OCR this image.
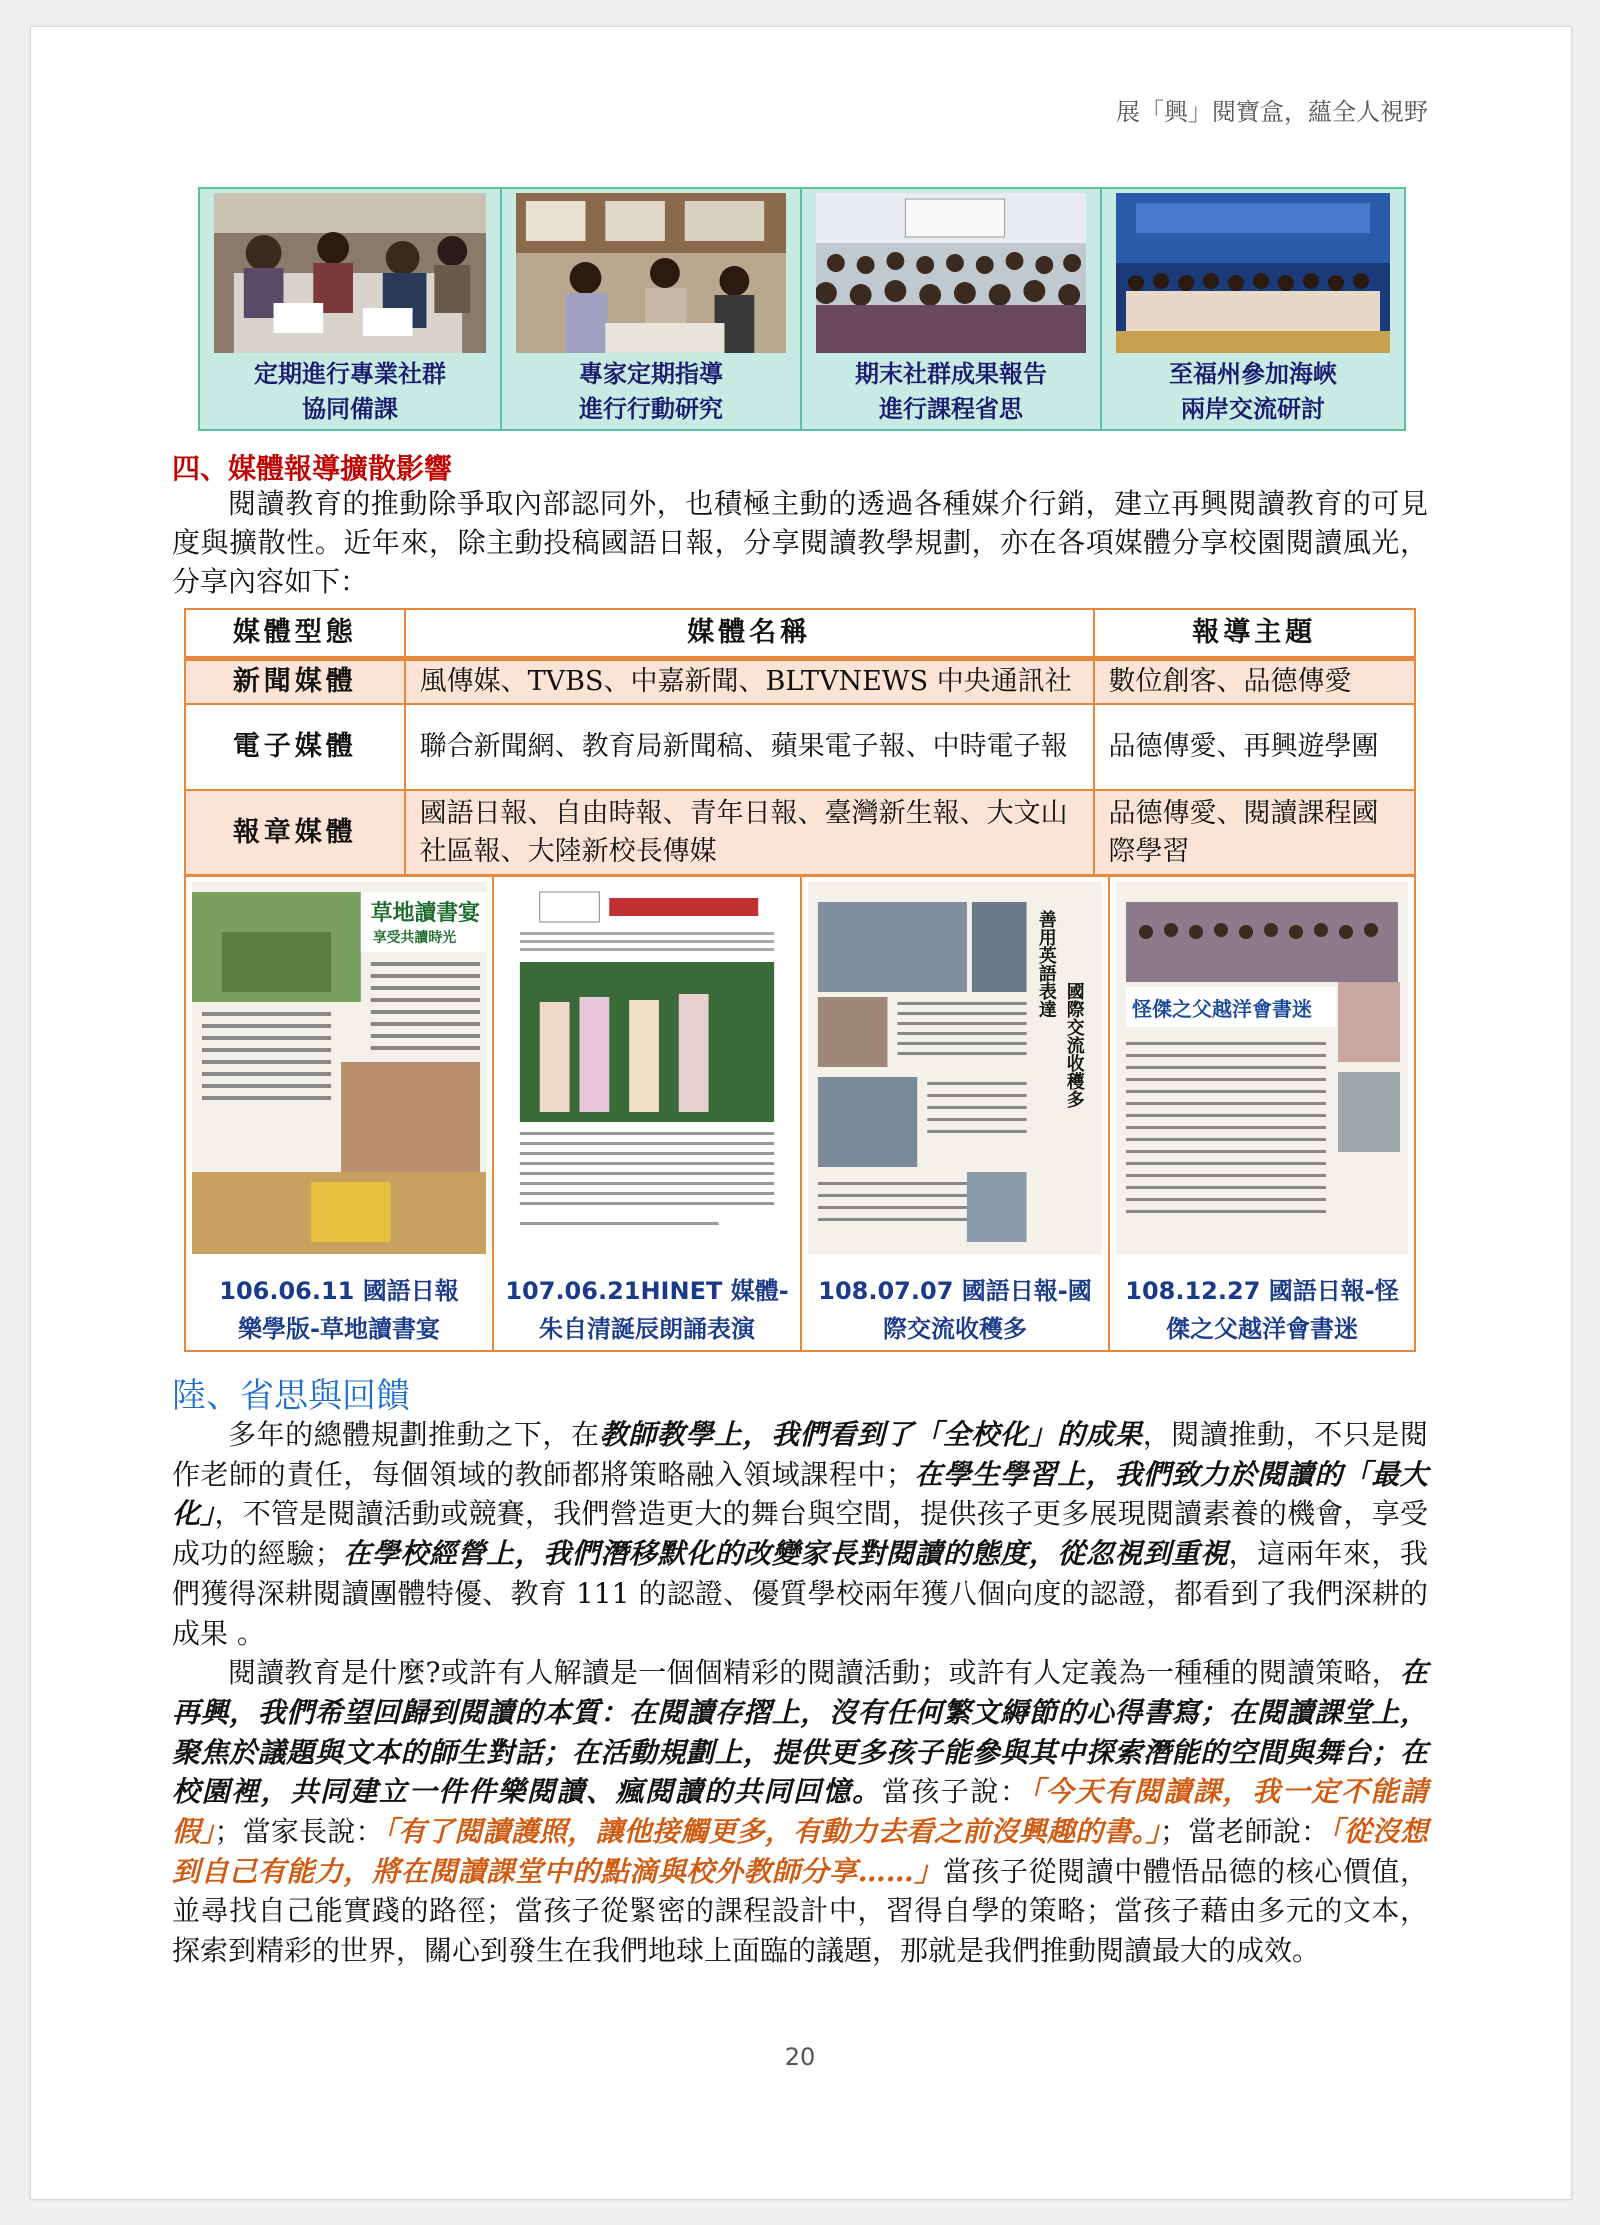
展「興」閱寶盒，蘊全人視野
定期進行專業社群
協同備課
專家定期指導
進行行動研究
期末社群成果報告
進行課程省思
至福州參加海峽
兩岸交流研討
四、媒體報導擴散影響

閱讀教育的推動除爭取內部認同外，也積極主動的透過各種媒介行銷，建立再興閱讀教育的可見度與擴散性。近年來，除主動投稿國語日報，分享閱讀教學規劃，亦在各項媒體分享校園閱讀風光，分享內容如下：

媒體型態	媒體名稱	報導主題
新聞媒體	風傳媒、TVBS、中嘉新聞、BLTVNEWS 中央通訊社	數位創客、品德傳愛
電子媒體	聯合新聞網、教育局新聞稿、蘋果電子報、中時電子報	品德傳愛、再興遊學團
報章媒體	國語日報、自由時報、青年日報、臺灣新生報、大文山社區報、大陸新校長傳媒	品德傳愛、閱讀課程國際學習
草地讀書宴
享受共讀時光
106.06.11 國語日報
樂學版-草地讀書宴
107.06.21HINET 媒體-
朱自清誕辰朗誦表演
善用英語表達
國際交流收穫多
108.07.07 國語日報-國
際交流收穫多
怪傑之父越洋會書迷
108.12.27 國語日報-怪
傑之父越洋會書迷
陸、省思與回饋

多年的總體規劃推動之下，在教師教學上，我們看到了「全校化」的成果，閱讀推動，不只是閱作老師的責任，每個領域的教師都將策略融入領域課程中；在學生學習上，我們致力於閱讀的「最大化」，不管是閱讀活動或競賽，我們營造更大的舞台與空間，提供孩子更多展現閱讀素養的機會，享受成功的經驗；在學校經營上，我們潛移默化的改變家長對閱讀的態度，從忽視到重視，這兩年來，我們獲得深耕閱讀團體特優、教育 111 的認證、優質學校兩年獲八個向度的認證，都看到了我們深耕的成果 。

閱讀教育是什麼?或許有人解讀是一個個精彩的閱讀活動；或許有人定義為一種種的閱讀策略，在再興，我們希望回歸到閱讀的本質：在閱讀存摺上，沒有任何繁文縟節的心得書寫；在閱讀課堂上，聚焦於議題與文本的師生對話；在活動規劃上，提供更多孩子能參與其中探索潛能的空間與舞台；在校園裡，共同建立一件件樂閱讀、瘋閱讀的共同回憶。當孩子說：「今天有閱讀課，我一定不能請假」；當家長說：「有了閱讀護照，讓他接觸更多，有動力去看之前沒興趣的書。」；當老師說：「從沒想到自己有能力，將在閱讀課堂中的點滴與校外教師分享……」當孩子從閱讀中體悟品德的核心價值，並尋找自己能實踐的路徑；當孩子從緊密的課程設計中，習得自學的策略；當孩子藉由多元的文本，探索到精彩的世界，關心到發生在我們地球上面臨的議題，那就是我們推動閱讀最大的成效。

20
